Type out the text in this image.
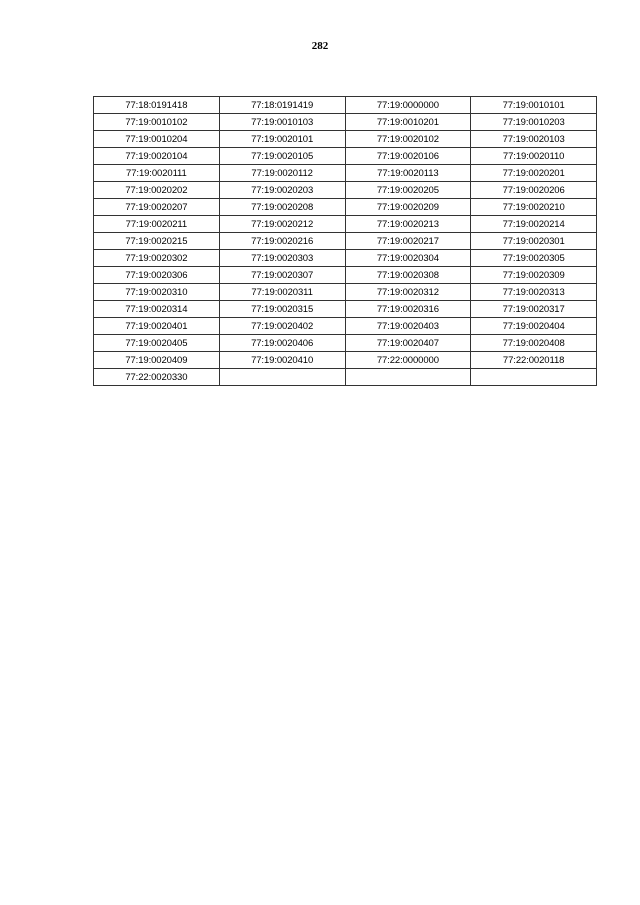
282
77:18:0191418	77:18:0191419	77:19:0000000	77:19:0010101
77:19:0010102	77:19:0010103	77:19:0010201	77:19:0010203
77:19:0010204	77:19:0020101	77:19:0020102	77:19:0020103
77:19:0020104	77:19:0020105	77:19:0020106	77:19:0020110
77:19:0020111	77:19:0020112	77:19:0020113	77:19:0020201
77:19:0020202	77:19:0020203	77:19:0020205	77:19:0020206
77:19:0020207	77:19:0020208	77:19:0020209	77:19:0020210
77:19:0020211	77:19:0020212	77:19:0020213	77:19:0020214
77:19:0020215	77:19:0020216	77:19:0020217	77:19:0020301
77:19:0020302	77:19:0020303	77:19:0020304	77:19:0020305
77:19:0020306	77:19:0020307	77:19:0020308	77:19:0020309
77:19:0020310	77:19:0020311	77:19:0020312	77:19:0020313
77:19:0020314	77:19:0020315	77:19:0020316	77:19:0020317
77:19:0020401	77:19:0020402	77:19:0020403	77:19:0020404
77:19:0020405	77:19:0020406	77:19:0020407	77:19:0020408
77:19:0020409	77:19:0020410	77:22:0000000	77:22:0020118
77:22:0020330			
